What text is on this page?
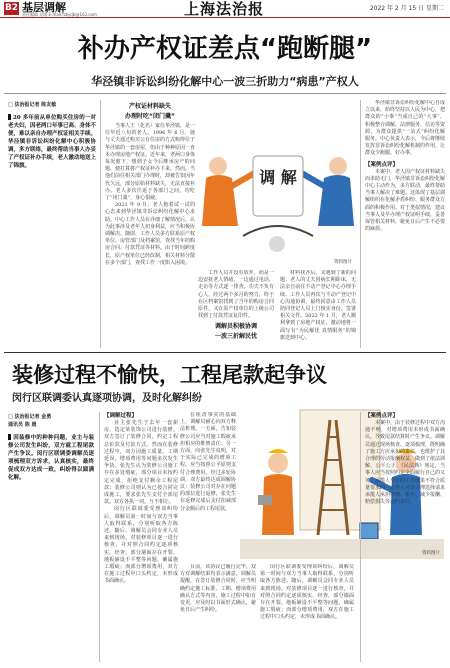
B2 基层调解
责任编辑 吴晴 E-mail:fzbjcjb@163.com	上海法治报	2022 年 2 月 15 日 星期二
补办产权证差点“跑断腿”
华泾镇非诉讼纠纷化解中心一波三折助力“病患”产权人
□ 法治报记者 陈友敏
20 多年前从单位购买住房的一对老夫妇，因老两口年事已高、身体不便，难以亲自办理产权证相关手续。华泾镇非诉讼纠纷化解中心积极协调，多方联络，最终帮助当事人办妥了产权证补办手续，老人激动地送上了锦旗。
产权证材料缺失
办理时吃“闭门羹”

当事人王（化名）家住华泾镇，是一位年近八旬的老人。1996 年 6 月，她与丈夫通过购买公有住房的方式购得位于华泾镇的一套房屋，但由于种种原因一直未办理房地产权证。近年来，老两口身体每况愈下，想到子女今后继承房产的问题，便打算将产权证补办下来。然而，当他们前往相关部门办理时，却被告知因年代久远，部分原始材料缺失，无法直接补办。老人多次往返于各部门之间，均吃了“闭门羹”，身心俱疲。

2021 年 9 月，老人抱着试一试的心态来到华泾镇非诉讼纠纷化解中心求助。中心工作人员在详细了解情况后，认为此事涉及老年人切身利益，应当积极协调解决。随即，工作人员多方联系原产权单位、房管部门及档案馆，查找当年的购房合同、付款凭证等材料。由于时间跨度长，原产权单位已经改制，相关材料分散在多个部门，查找工作一度陷入困境。

调 解
资料图片

工作人员并没有放弃，而是一边安抚老人情绪，一边通过电话、走访等方式逐一排查。功夫不负有心人，经过两个多月的努力，终于在区档案馆找到了当年的购房合同原件，又在原产权单位的上级公司找到了付款凭证复印件。

调解员积极协调
一波三折解民忧

材料找齐后，又遇到了新的问题：老人的丈夫因病长期卧床，无法亲自前往不动产登记中心办理手续。工作人员再次与不动产登记中心沟通协调，最终同意由工作人员陪同登记人员上门核实身份、签署相关文件。2022 年 1 月，老人顺利拿到了房地产权证，激动地将一面写有“为民解忧 真情服务”的锦旗送到中心。

华泾镇非诉讼纠纷化解中心自成立以来，始终坚持以人民为中心，把群众的“小事”当成自己的“大事”，积极整合调解、法律服务、信访等资源，为群众提供“一站式”纠纷化解服务。中心负责人表示，今后将继续发挥非诉讼纠纷化解机制的作用，让群众少跑腿、好办事。

【案例点评】

本案中，老人因产权证材料缺失而求助无门，华泾镇非诉讼纠纷化解中心主动作为，多方联动，最终帮助当事人解决了难题。这体现了基层调解组织在化解矛盾纠纷、服务群众方面的积极作用。对于类似情况，建议当事人及早办理产权证明手续，妥善保管相关材料，避免日后产生不必要的麻烦。

装修过程不愉快，工程尾款起争议
闵行区联调委认真逐项协调，及时化解纠纷
□ 法治报记者 金勇
通讯员 陈 晨
因装修中的种种问题，业主与装修公司发生纠纷，双方就工程尾款产生争议。闵行区联调委调解员逐项梳理双方诉求，认真核实，最终促成双方达成一致，纠纷得以圆满化解。
【调解过程】

业主张先生于去年一套新房，选定某装饰公司进行装修。双方签订了装修合同，约定工程总价款及付款方式。然而在装修过程中，双方因施工质量、工期延误、增项费用等问题多次发生争执。张先生认为装修公司施工存在多处瑕疵，部分项目未按约定完成，拒绝支付剩余工程尾款；装修公司则认为已按合同完成施工，要求张先生支付全部尾款。双方各执一词，互不相让。

闵行区联调委受理该纠纷后，调解员第一时间与双方当事人取得联系，分别听取各方陈述。随后，调解员会同专业人员来到现场，对装修项目逐一进行核查，并对照合同约定逐项核实。经查，部分墙面存在开裂、地板铺设不平整等问题，确属施工瑕疵；而部分增项费用，双方在施工过程中口头约定，未形成书面确认。

资料图片

在厘清事实的基础上，调解员耐心向双方释法析理。一方面，告知装修公司应当对施工瑕疵承担相应的维修责任；另一方面，向张先生说明，对于实际已完成的增项工程，应当按照公平原则支付合理费用。经过多轮协调，双方最终达成调解协议：装修公司对存在问题的部位进行返修，张先生在返修完成后支付扣减部分金额后的工程尾款。

目前，该协议已履行完毕，双方对调解结果均表示满意。调解员提醒，在签订装修合同时，应当明确约定施工标准、工期、增项费用确认方式等内容，施工过程中如有变更，应及时以书面形式确认，避免日后产生纠纷。

闵行区联调委受理该纠纷后，调解员第一时间与双方当事人取得联系，分别听取各方陈述。随后，调解员会同专业人员来到现场，对装修项目逐一进行核查，并对照合同约定逐项核实。经查，部分墙面存在开裂、地板铺设不平整等问题，确属施工瑕疵；而部分增项费用，双方在施工过程中口头约定，未形成书面确认。

【案例点评】

本案中，由于装修过程中双方沟通不畅，对增项费用未形成书面确认，导致尾款结算时产生争议。调解员通过现场核查、逐项梳理，既明确了施工方应承担的责任，也维护了其合理的劳动报酬权益，做到了依法调解、公平公正。《民法典》规定，当事人应当按照约定全面履行自己的义务。承揽人交付的工作成果不符合质量要求的，定作人可以合理选择请求承揽人承担修理、重作、减少报酬、赔偿损失等违约责任。
